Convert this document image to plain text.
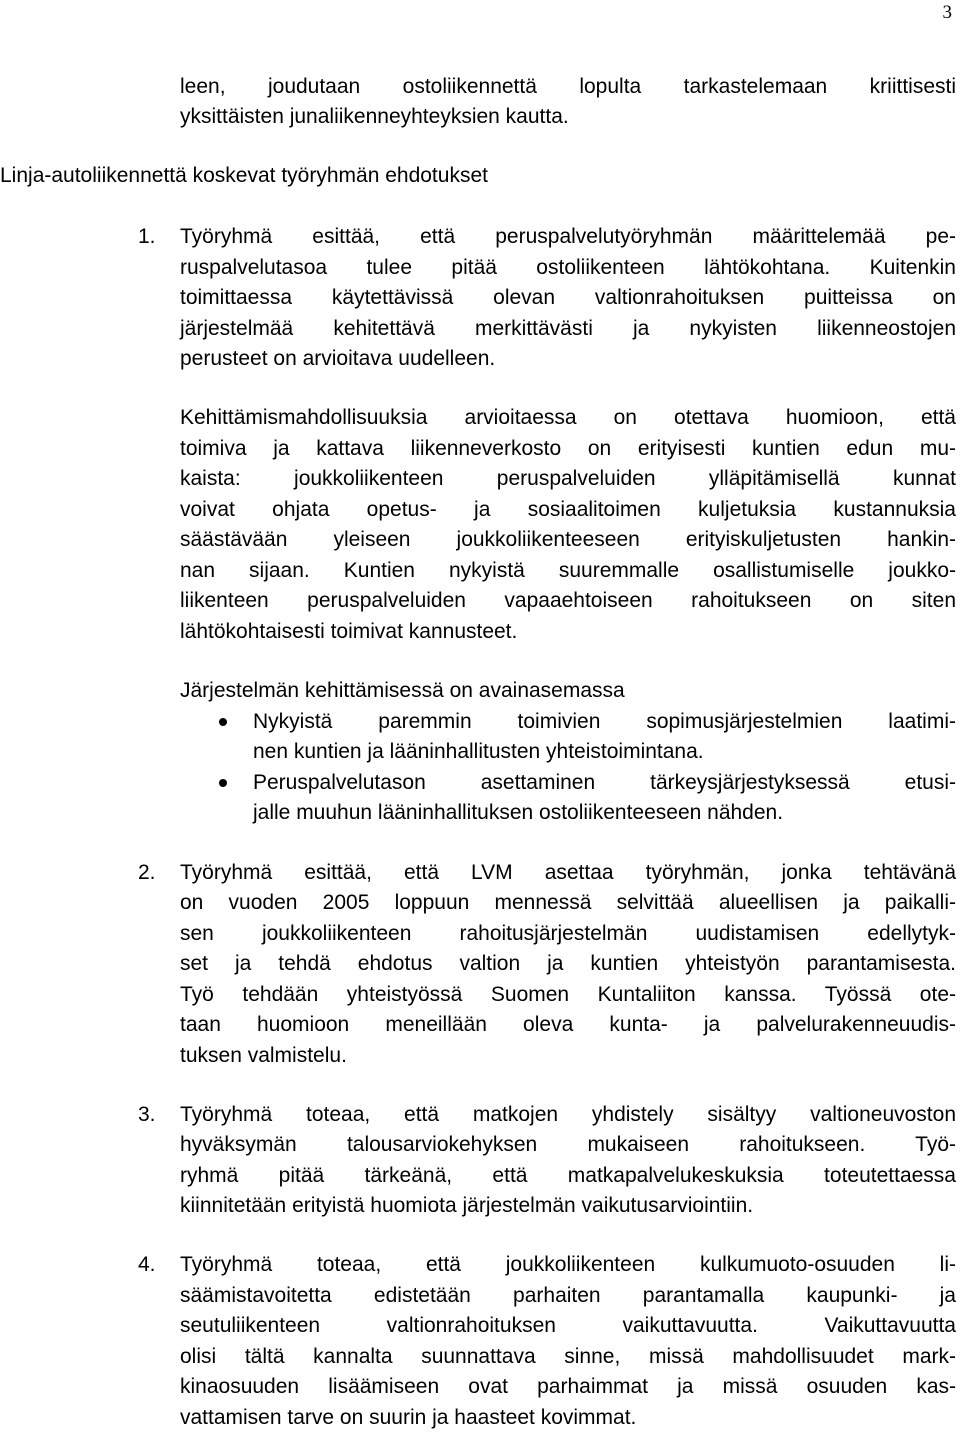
3
leen, joudutaan ostoliikennettä lopulta tarkastelemaan kriittisesti
yksittäisten junaliikenneyhteyksien kautta.
Linja-autoliikennettä koskevat työryhmän ehdotukset
1. Työryhmä esittää, että peruspalvelutyöryhmän määrittelemää pe-
ruspalvelutasoa tulee pitää ostoliikenteen lähtökohtana. Kuitenkin
toimittaessa käytettävissä olevan valtionrahoituksen puitteissa on
järjestelmää kehitettävä merkittävästi ja nykyisten liikenneostojen
perusteet on arvioitava uudelleen.
Kehittämismahdollisuuksia arvioitaessa on otettava huomioon, että
toimiva ja kattava liikenneverkosto on erityisesti kuntien edun mu-
kaista: joukkoliikenteen peruspalveluiden ylläpitämisellä kunnat
voivat ohjata opetus- ja sosiaalitoimen kuljetuksia kustannuksia
säästävään yleiseen joukkoliikenteeseen erityiskuljetusten hankin-
nan sijaan. Kuntien nykyistä suuremmalle osallistumiselle joukko-
liikenteen peruspalveluiden vapaaehtoiseen rahoitukseen on siten
lähtökohtaisesti toimivat kannusteet.
Järjestelmän kehittämisessä on avainasemassa
Nykyistä paremmin toimivien sopimusjärjestelmien laatimi-
nen kuntien ja lääninhallitusten yhteistoimintana.
Peruspalvelutason asettaminen tärkeysjärjestyksessä etusi-
jalle muuhun lääninhallituksen ostoliikenteeseen nähden.
2. Työryhmä esittää, että LVM asettaa työryhmän, jonka tehtävänä
on vuoden 2005 loppuun mennessä selvittää alueellisen ja paikalli-
sen joukkoliikenteen rahoitusjärjestelmän uudistamisen edellytyk-
set ja tehdä ehdotus valtion ja kuntien yhteistyön parantamisesta.
Työ tehdään yhteistyössä Suomen Kuntaliiton kanssa. Työssä ote-
taan huomioon meneillään oleva kunta- ja palvelurakenneuudis-
tuksen valmistelu.
3. Työryhmä toteaa, että matkojen yhdistely sisältyy valtioneuvoston
hyväksymän talousarviokehyksen mukaiseen rahoitukseen. Työ-
ryhmä pitää tärkeänä, että matkapalvelukeskuksia toteutettaessa
kiinnitetään erityistä huomiota järjestelmän vaikutusarviointiin.
4. Työryhmä toteaa, että joukkoliikenteen kulkumuoto-osuuden li-
säämistavoitetta edistetään parhaiten parantamalla kaupunki- ja
seutuliikenteen valtionrahoituksen vaikuttavuutta. Vaikuttavuutta
olisi tältä kannalta suunnattava sinne, missä mahdollisuudet mark-
kinaosuuden lisäämiseen ovat parhaimmat ja missä osuuden kas-
vattamisen tarve on suurin ja haasteet kovimmat.
